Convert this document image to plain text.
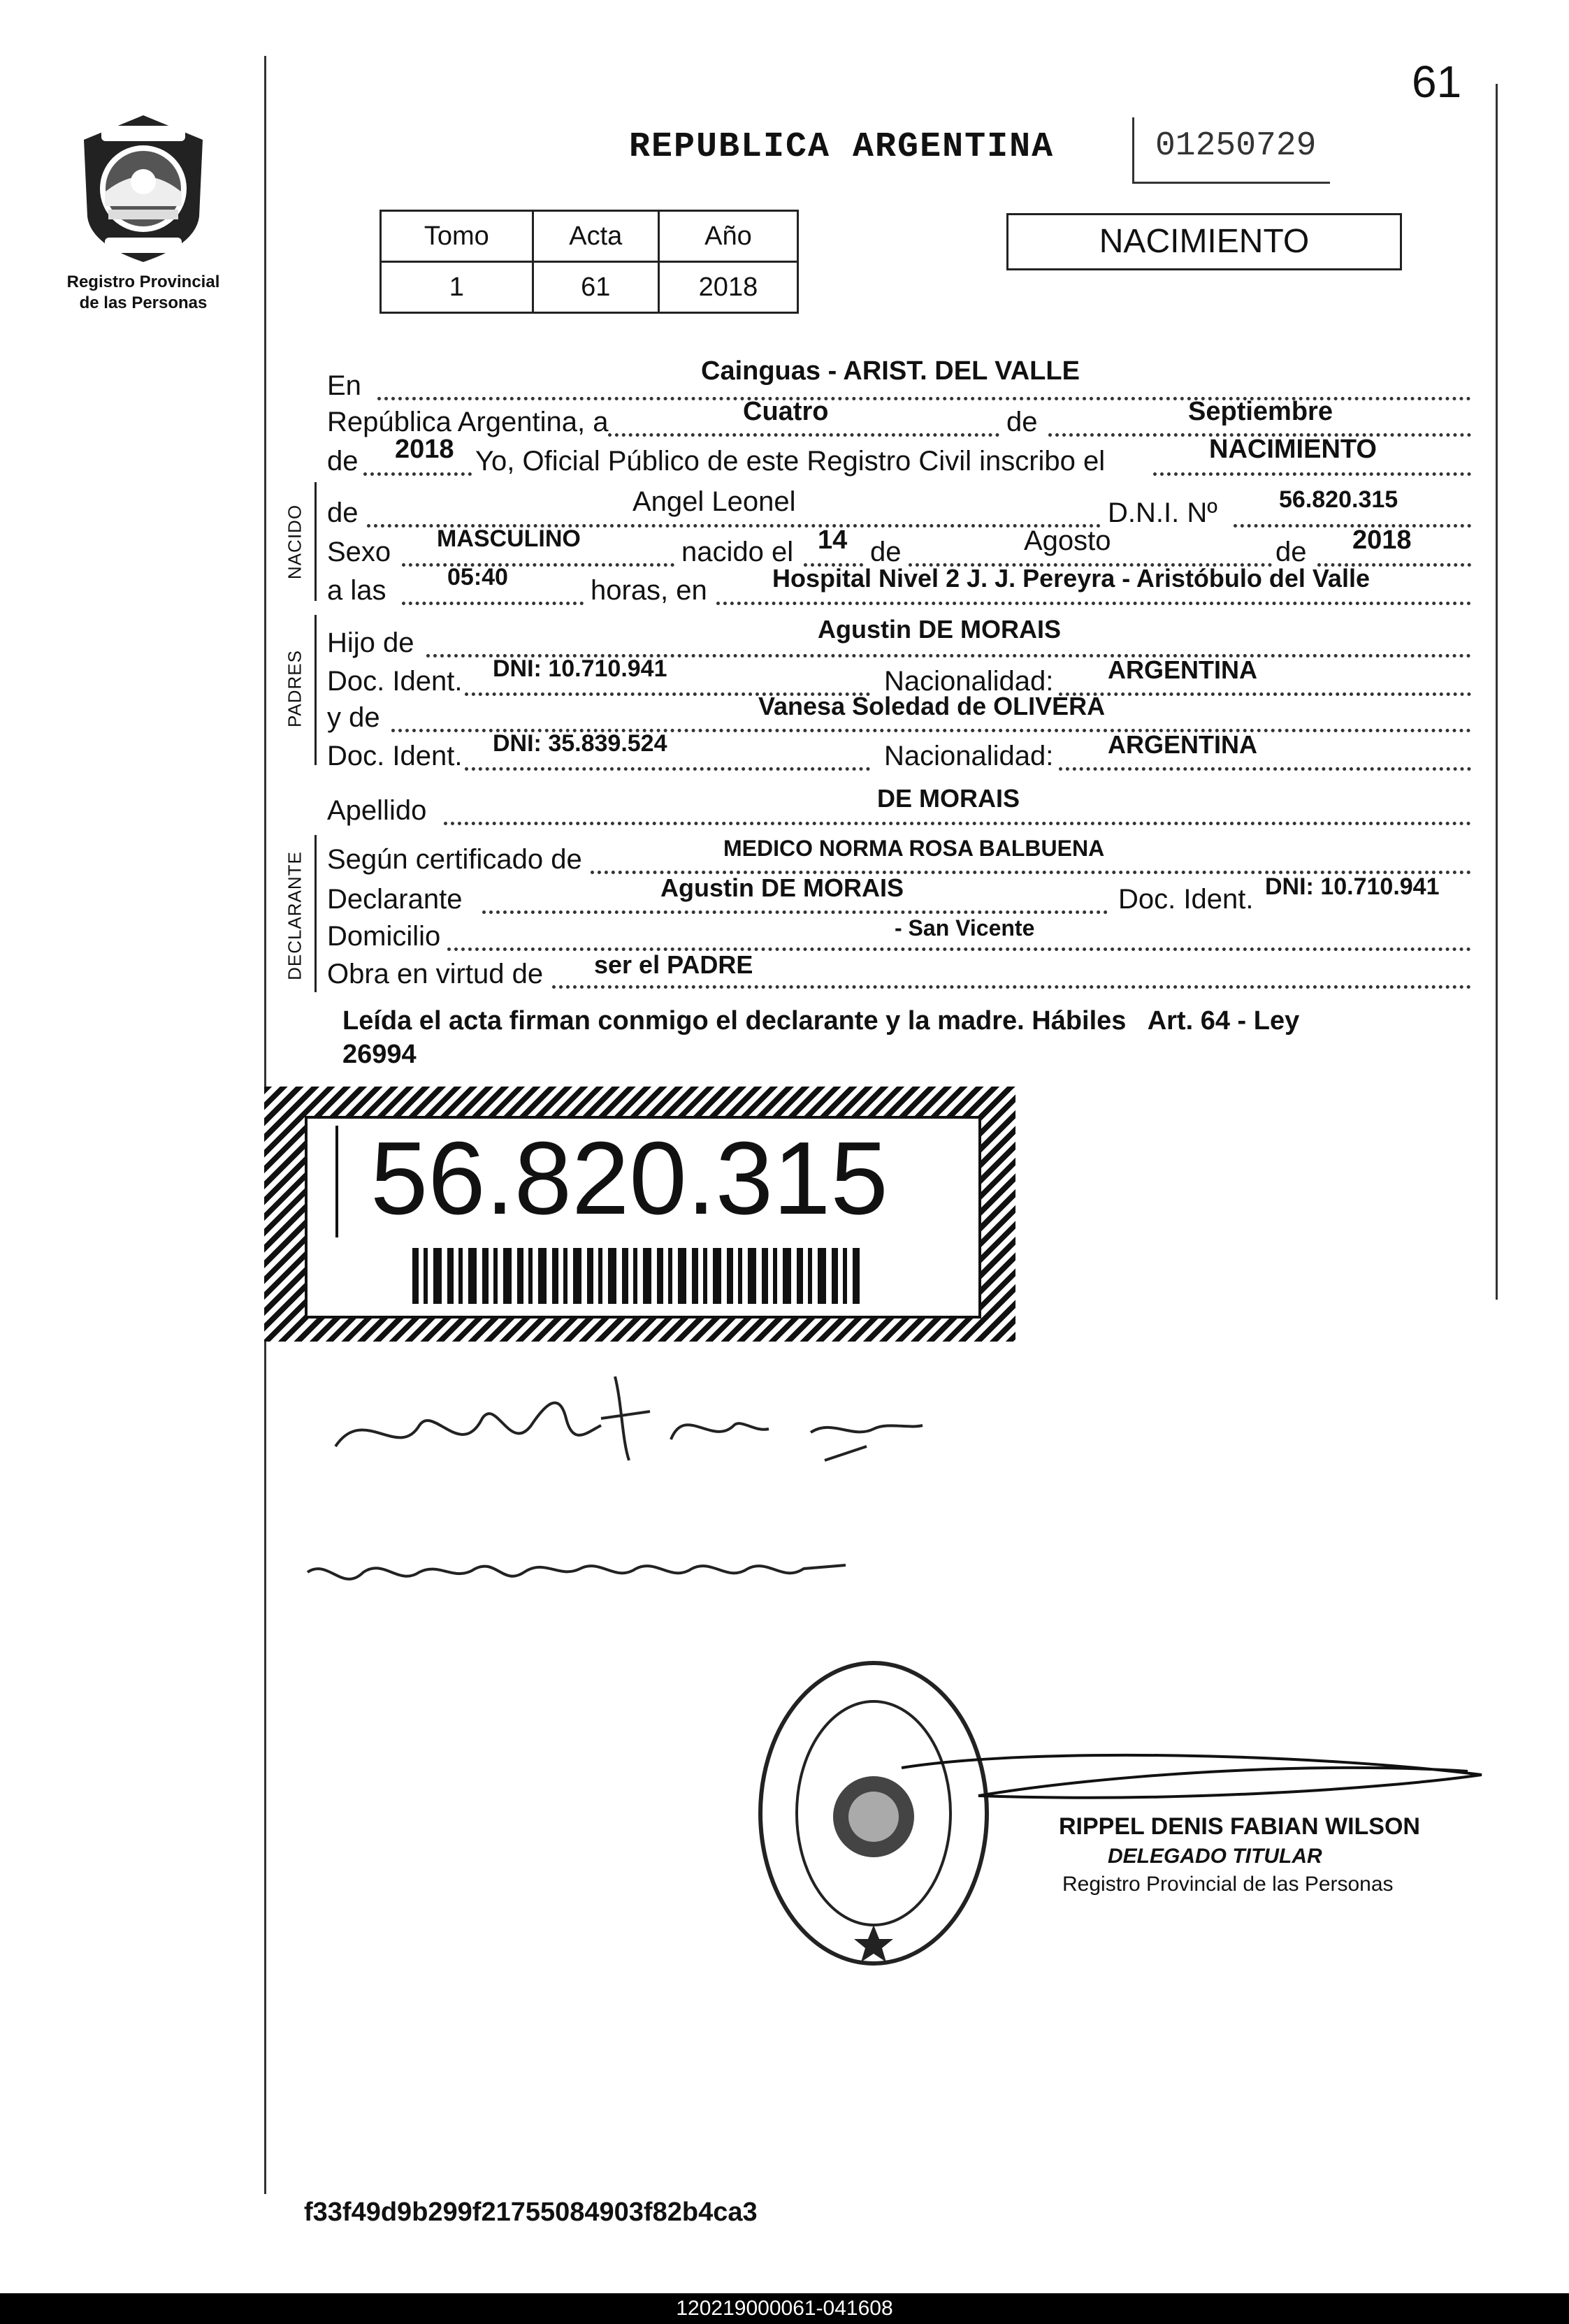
61
Registro Provincial
de las Personas
REPUBLICA ARGENTINA	01250729
Tomo	Acta	Año
1	61	2018
NACIMIENTO
En	Cainguas - ARIST. DEL VALLE
República Argentina, a	Cuatro	de	Septiembre
de 2018 Yo, Oficial Público de este Registro Civil inscribo el	NACIMIENTO
NACIDO de	Angel Leonel	D.N.I. Nº	56.820.315
Sexo MASCULINO	nacido el 14 de	Agosto	de 2018
a las	05:40	horas, en	Hospital Nivel 2 J. J. Pereyra - Aristóbulo del Valle
PADRES
Hijo de	Agustin DE MORAIS
Doc. Ident. DNI: 10.710.941	Nacionalidad: ARGENTINA
y de	Vanesa Soledad de OLIVERA
Doc. Ident. DNI: 35.839.524	Nacionalidad: ARGENTINA
Apellido	DE MORAIS
DECLARANTE Según certificado de	MEDICO NORMA ROSA BALBUENA
Declarante	Agustin DE MORAIS	Doc. Ident. DNI: 10.710.941
Domicilio	- San Vicente
Obra en virtud de ser el PADRE
Leída el acta firman conmigo el declarante y la madre. Hábiles   Art. 64 - Ley
26994
56.820.315
RIPPEL DENIS FABIAN WILSON
DELEGADO TITULAR
Registro Provincial de las Personas
f33f49d9b299f21755084903f82b4ca3
120219000061-041608
